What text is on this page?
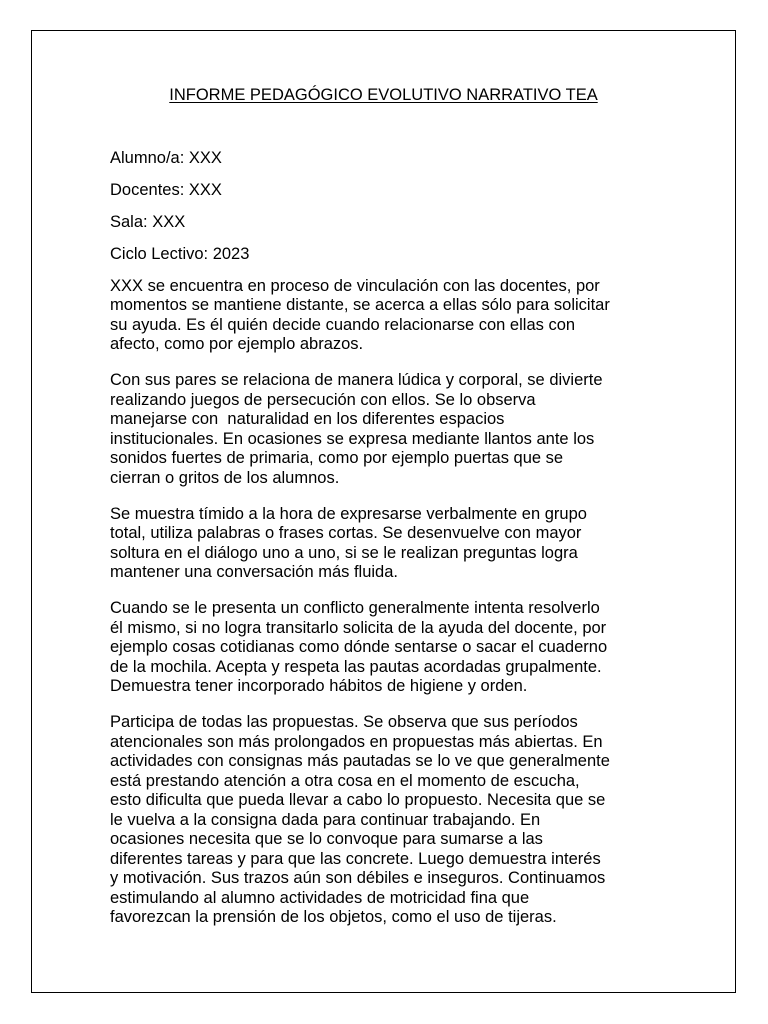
INFORME PEDAGÓGICO EVOLUTIVO NARRATIVO TEA

Alumno/a: XXX

Docentes: XXX

Sala: XXX

Ciclo Lectivo: 2023

XXX se encuentra en proceso de vinculación con las docentes, por
momentos se mantiene distante, se acerca a ellas sólo para solicitar
su ayuda. Es él quién decide cuando relacionarse con ellas con
afecto, como por ejemplo abrazos.

Con sus pares se relaciona de manera lúdica y corporal, se divierte
realizando juegos de persecución con ellos. Se lo observa
manejarse con  naturalidad en los diferentes espacios
institucionales. En ocasiones se expresa mediante llantos ante los
sonidos fuertes de primaria, como por ejemplo puertas que se
cierran o gritos de los alumnos.

Se muestra tímido a la hora de expresarse verbalmente en grupo
total, utiliza palabras o frases cortas. Se desenvuelve con mayor
soltura en el diálogo uno a uno, si se le realizan preguntas logra
mantener una conversación más fluida.

Cuando se le presenta un conflicto generalmente intenta resolverlo
él mismo, si no logra transitarlo solicita de la ayuda del docente, por
ejemplo cosas cotidianas como dónde sentarse o sacar el cuaderno
de la mochila. Acepta y respeta las pautas acordadas grupalmente.
Demuestra tener incorporado hábitos de higiene y orden.

Participa de todas las propuestas. Se observa que sus períodos
atencionales son más prolongados en propuestas más abiertas. En
actividades con consignas más pautadas se lo ve que generalmente
está prestando atención a otra cosa en el momento de escucha,
esto dificulta que pueda llevar a cabo lo propuesto. Necesita que se
le vuelva a la consigna dada para continuar trabajando. En
ocasiones necesita que se lo convoque para sumarse a las
diferentes tareas y para que las concrete. Luego demuestra interés
y motivación. Sus trazos aún son débiles e inseguros. Continuamos
estimulando al alumno actividades de motricidad fina que
favorezcan la prensión de los objetos, como el uso de tijeras.
